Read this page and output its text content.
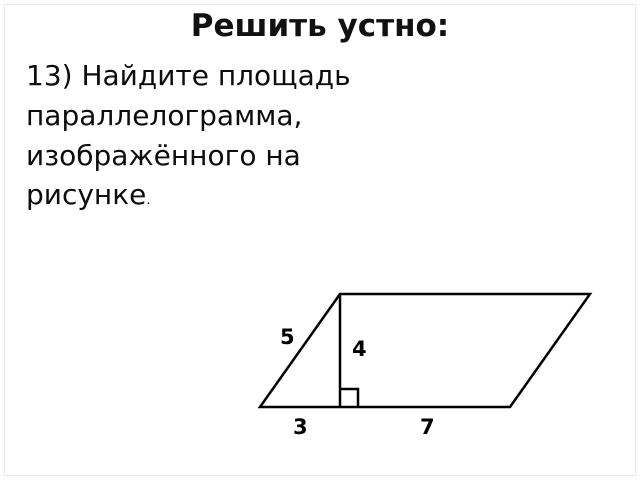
Решить устно:
13) Найдите площадь
параллелограмма,
изображённого на
рисунке.
5	4
3	7
